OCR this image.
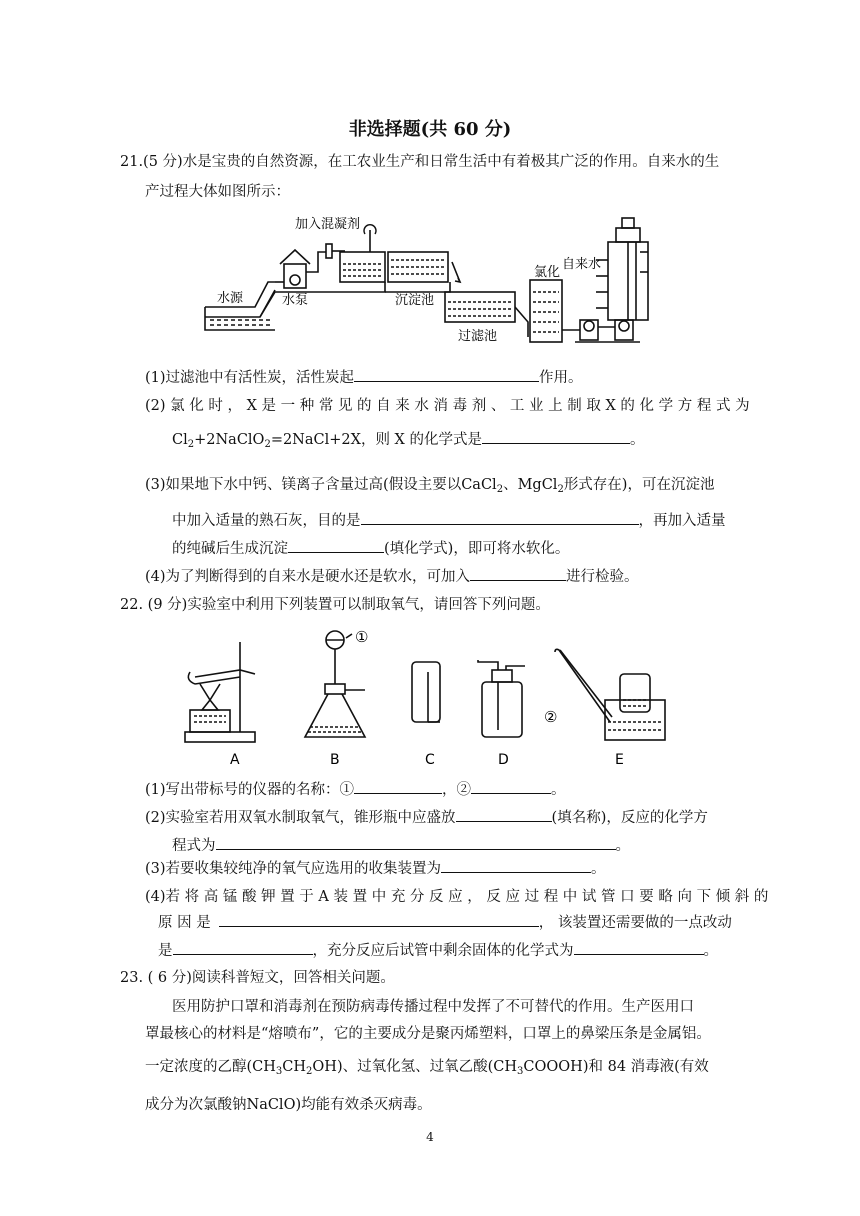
非选择题(共 60 分)
21.(5 分)水是宝贵的自然资源，在工农业生产和日常生活中有着极其广泛的作用。自来水的生
产过程大体如图所示：
加入混凝剂
水源	水泵	沉淀池
过滤池
氯化
自来水
(1)过滤池中有活性炭，活性炭起	作用。
(2) 氯 化 时 ， X 是 一 种 常 见 的 自 来 水 消 毒 剂 、 工 业 上 制 取 X 的 化 学 方 程 式 为
$Cl_2+2NaClO_2=2NaCl+2X$，则 X 的化学式是	。
(3)如果地下水中钙、镁离子含量过高(假设主要以CaCl$_2$、MgCl$_2$形式存在)，可在沉淀池
中加入适量的熟石灰，目的是	，再加入适量
的纯碱后生成沉淀	(填化学式)，即可将水软化。
(4)为了判断得到的自来水是硬水还是软水，可加入	进行检验。
22. (9 分)实验室中利用下列装置可以制取氧气，请回答下列问题。
A	B	C	D	E
①
②
(1)写出带标号的仪器的名称：①	，②	。
(2)实验室若用双氧水制取氧气，锥形瓶中应盛放	(填名称)，反应的化学方
程式为	。
(3)若要收集较纯净的氧气应选用的收集装置为	。
(4)若 将 高 锰 酸 钾 置 于 A 装 置 中 充 分 反 应 ， 反 应 过 程 中 试 管 口 要 略 向 下 倾 斜 的
原 因 是	， 该装置还需要做的一点改动
是	，充分反应后试管中剩余固体的化学式为	。
23. ( 6 分)阅读科普短文，回答相关问题。
医用防护口罩和消毒剂在预防病毒传播过程中发挥了不可替代的作用。生产医用口
罩最核心的材料是“熔喷布”，它的主要成分是聚丙烯塑料，口罩上的鼻梁压条是金属铝。
一定浓度的乙醇$(CH_3CH_2OH)$、过氧化氢、过氧乙酸$(CH_3COOOH)$和 84 消毒液(有效
成分为次氯酸钠NaClO)均能有效杀灭病毒。
4
